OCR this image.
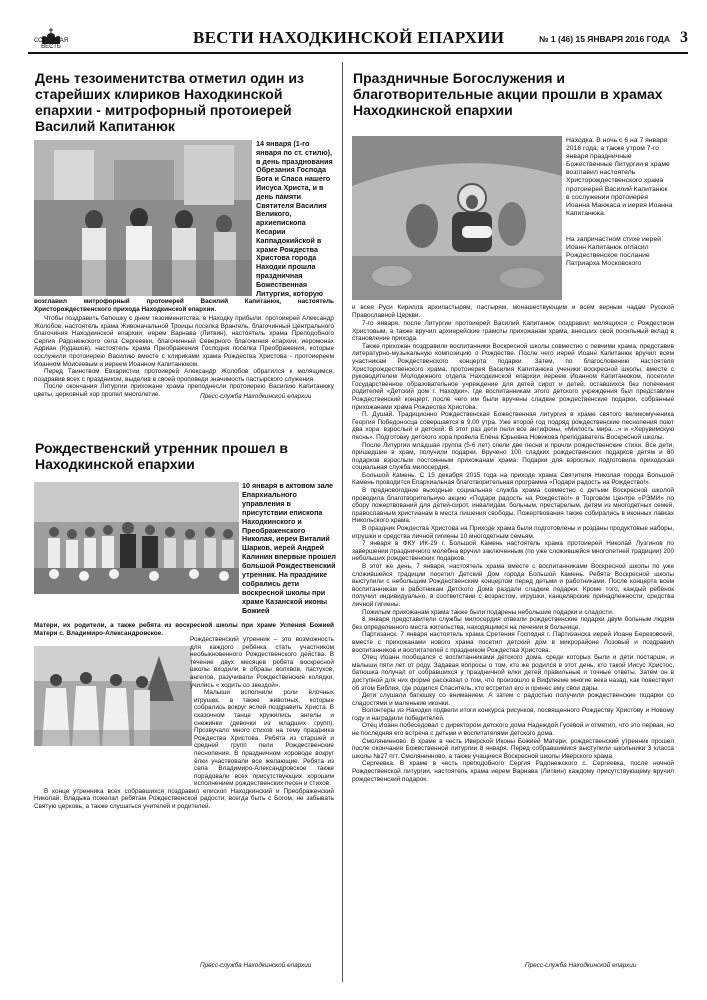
СОБОРНАЯ ВЕСТЬ	ВЕСТИ НАХОДКИНСКОЙ ЕПАРХИИ	№ 1 (46) 15 ЯНВАРЯ 2016 ГОДА 3
День тезоименитства отметил один из старейших клириков Находкинской епархии - митрофорный протоиерей Василий Капитанюк
14 января (1-го января по ст. стилю), в день празднования Обрезания Господа Бога и Спаса нашего Иисуса Христа, и в день памяти Святителя Василия Великого, архиепископа Кесарии Каппадокийской в храме Рождества Христова города Находки прошла праздничная Божественная Литургия, которую
возглавил митрофорный протоиерей Василий Капитанюк, настоятель Христорождественского прихода Находкинской епархии.

Чтобы поздравить батюшку с днем тезоименитства, в Находку прибыли: протоиерей Александр Жолобов, настоятель храма Живоначальной Троицы поселка Врангель, благочинный Центрального благочиния Находкинской епархии; иерем Варнава (Литвин), настоятель храма Преподобного Сергия Радонежского села Сергеевки, благочинный Северного благочиния епархии; иеромонах Адриан (Кудашов), настоятель храма Преображения Господня поселка Преображения, которые сослужили протоиерею Василию вместе с клириками храма Рождества Христова - протоиереем Иоанном Моисеевым и иереем Иоанном Капитанюком.

Перед Таинством Евхаристии протоиерей Александр Жолобов обратился к молящимся, поздравив всех с праздником, выделив в своей проповеди значимость пастырского служения.

После окончания Литургии прихожане храма преподнесли протоиерею Василию Капитанюку цветы, церковный хор пропел многолетие.	Пресс-служба Находкинской епархии
Рождественский утренник прошел в Находкинской епархии
10 января в актовом зале Епархиального управления в присутствии епископа Находкинского и Преображенского Николая, иереи Виталий Шарков, иерей Андрей Калинин впервые прошел большой Рождественский утренник. На празднике собрались дети воскресной школы при храме Казанской иконы Божией
Матери, их родители, а также ребята из воскресной школы при храме Успения Божией Матери с. Владимиро-Александровское.

Рождественский утренник – это возможность для каждого ребёнка стать участником необыкновенного Рождественского действа. В течение двух месяцев ребята воскресной школы входили в образы волхвов, пастухов, ангелов, разучивали Рождественские колядки, учились « ходить со звездой».

Малыши исполнили роли ёлочных игрушек, а также животных, которые собрались вокруг яслей поздравить Христа. В сказочном танце кружились ангелы и снежинки (девочки из младших групп). Прозвучало много стихов на тему праздника Рождества Христова. Ребята из старшей и средней групп пели Рождественские песнопения. В праздничном хороводе вокруг ёлки участвовали все желающие. Ребята из села Владимиро-Александровское также порадовали всех присутствующих хорошим исполнением рождественских песен и стихов.

В конце утренника всех собравшихся поздравил епископ Находкинский и Преображенский Николай. Владыка пожелал ребятам Рождественской радости, всегда быть с Богом, не забывать Святую церковь, а также слушаться учителей и родителей.

Пресс-служба Находкинской епархии
Праздничные Богослужения и благотворительные акции прошли в храмах Находкинской епархии
Находка. В ночь с 6 на 7 января 2016 года, а также утром 7-го января праздничные Божественные Литургии в храме возглавил настоятель Христорождественского храма протоиерей Василий Капитанюк в сослужении протоиерея Иоанна Манжаса и иерея Иоанна Капитанюка.
На запричастном стихе иерей Иоанн Капитанюк огласил Рождественское послание Патриарха Московского
и всея Руси Кирилла архипастырям, пастырям, монашествующим и всем верным чадам Русской Православной Церкви.

7-го января, после Литургии протоиерей Василий Капитанюк поздравил молящихся с Рождеством Христовым, а также вручил архиерейские грамоты прихожанам храма, внесших свой посильный вклад в становление прихода.

Также прихожан поздравили воспитанники Воскресной школы совместно с певчими храма, представив литературно-музыкальную композицию о Рождестве. После чего иерей Иоанн Капитанюк вручил всем участникам Рождественского концерта подарки. Затем, по благословению настоятеля Христорождественского храма, протоиерея Василия Капитанюка ученики воскресной школы, вместе с руководителем Молодежного отдела Находкинской епархии иереем Иоанном Капитанюком, посетили Государственное образовательное учреждение для детей сирот и детей, оставшихся без попечения родителей «Детский дом г. Находки», где воспитанникам этого детского учреждения был представлен Рождественский концерт, после чего им были вручены сладкие рождественские подарки, собранные прихожанами храма Рождества Христова.

П. Душай. Традиционно Рождественская Божественная литургия в храме святого великомученика Георгия Победоносца совершается в 9.00 утра. Уже второй год подряд рождественские песнопения поют два хора: взрослый и детский. В этот раз дети пели все антифоны, «Милость мира…» и «Херувимскую песнь». Подготовку детского хора провела Елена Юрьевна Новикова преподаватель Воскресной школы.

После Литургии младшая группа (5-6 лет) спели две песни и прочли рождественские стихи. Все дети, пришедшие в храм, получили подарки. Вручено 100 сладких рождественских подарков детям и 80 подарков взрослым постоянным прихожанам храма. Подарки для взрослых подготовила приходская социальная служба милосердия.

Большой Камень. С 15 декабря 2015 года на приходе храма Святителя Николая города Большой Камень проводится Епархиальная благотворительная программа «Подари радость на Рождество!».

В предновогодние выходные социальная служба храма совместно с детьми Воскресной школой проводила благотворительную акцию «Подари радость на Рождество!» в Торговом Центре «РЭМИ» по сбору пожертвований для детей-сирот, инвалидам, больным, престарелым, детям из многодетных семей, православным христианам в места лишения свободы. Пожертвования также собирались в иконных лавках Никольского храма.

В праздник Рождества Христова на Приходе храма были подготовлены и розданы продуктовые наборы, игрушки и средства личной гигиены 10 многодетным семьям.

7 января в ФКУ ИК-29 г. Большой Камень настоятель храма протоиерей Николай Лузгинов по завершении праздничного молебна вручил заключенным (по уже сложившейся многолетней традиции) 200 небольших рождественских подарков.

В этот же день, 7 января, настоятель храма вместе с воспитанниками Воскресной школы по уже сложившейся традиции посетил Детский Дом города Большой Камень. Ребята Воскресной школы выступили с небольшим Рождественским концертом перед детьми и работниками. После концерта всем воспитанникам и работникам Детского Дома раздали сладкие подарки. Кроме того, каждый ребёнок получил индивидуально, в соответствии с возрастом, игрушки, канцелярские принадлежности, средства личной гигиены.

Пожилым прихожанам храма также были подарены небольшие подарки и сладости.

8 января представители службы милосердия отвезли рождественские подарки двум больным людям без определенного места жительства, находящимся на лечении в больнице.

Партизанск. 7 января настоятель храма Сретения Господня г. Партизанска иерей Иоанн Березовский, вместе с прихожанами нового храма посетил детский дом в микрорайоне Лозовый и поздравил воспитанников и воспитателей с праздником Рождества Христова.

Отец Иоанн пообщался с воспитанниками детского дома, среди которых были и дети постарше, и малыши пяти лет от роду. Задавая вопросы о том, кто же родился в этот день, кто такой Иисус Христос, батюшка получал от собравшихся у праздничной елки детей правильные и точные ответы. Затем он в доступной для них форме рассказал о том, что произошло в Вифлееме многие века назад, как повествует об этом Библия, где родился Спаситель, кто встретил его и принес ему свои дары.

Дети слушали батюшку со вниманием. А затем с радостью получили рождественские подарки со сладостями и маленькие иконки.

Волонтеры из Находки подвели итоги конкурса рисунков, посвященного Рождеству Христову и Новому году и наградили победителей.

Отец Иоанн побеседовал с директором детского дома Надеждой Гусевой и отметил, что это первая, но не последняя его встреча с детьми и воспитателями детского дома.

Смолянинново. В храме в честь Иверской Иконы Божией Матери, рождественский утренник прошел после окончания Божественной литургии 8 января. Перед собравшимися выступили школьники 3 класса школы №27 пгт. Смолянинново, а также учащиеся Воскресной школы Иверского храма.

Сергеевка. В храме в честь преподобного Сергия Радонежского с. Сергеевка, после ночной Рождественской литургии, настоятель храма иерем Варнава (Литвин) каждому присутствующему вручил рождественский подарок.

Пресс-служба Находкинской епархии
